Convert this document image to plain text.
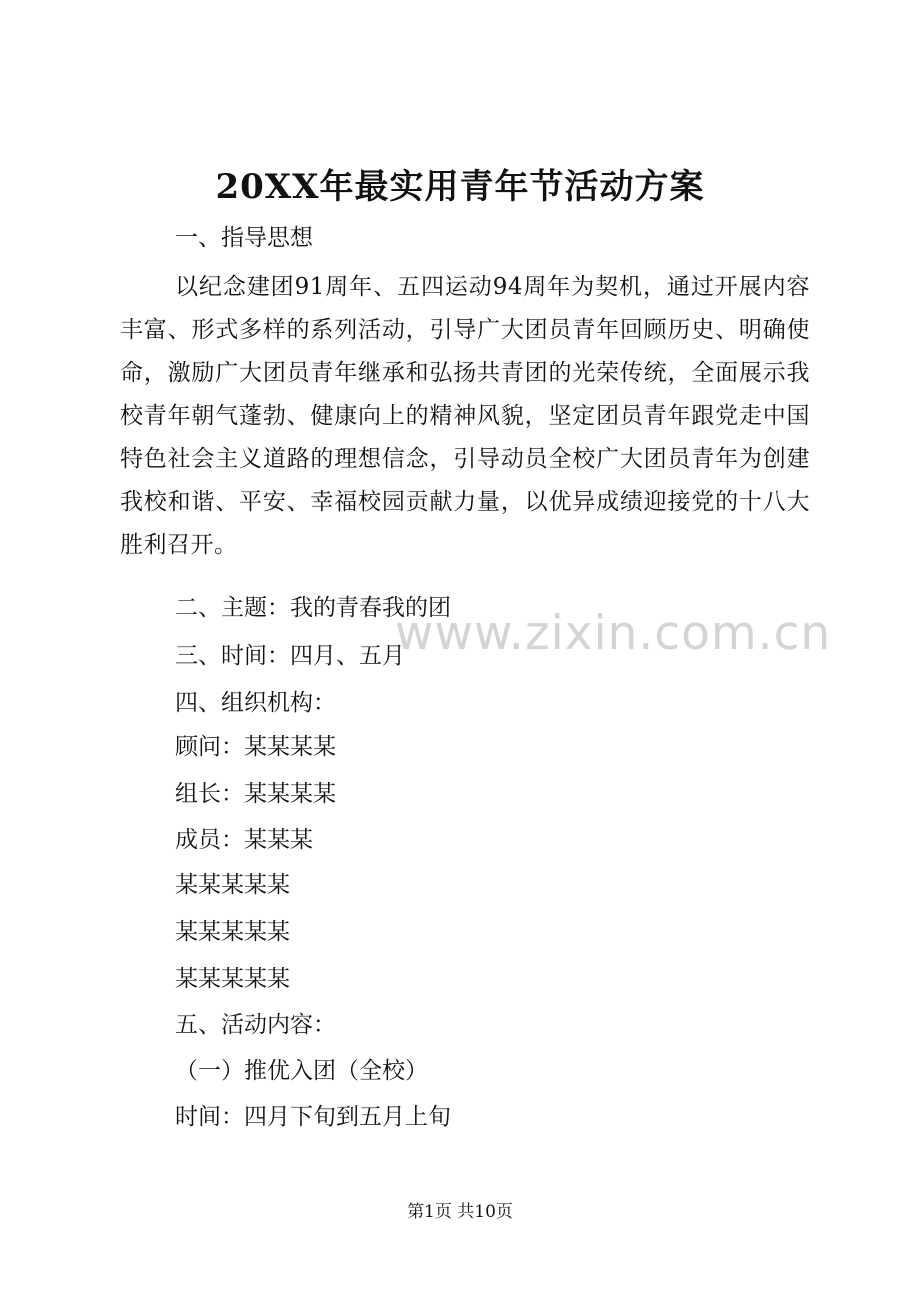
20XX年最实用青年节活动方案
一、指导思想
以纪念建团91周年、五四运动94周年为契机，通过开展内容丰富、形式多样的系列活动，引导广大团员青年回顾历史、明确使命，激励广大团员青年继承和弘扬共青团的光荣传统，全面展示我校青年朝气蓬勃、健康向上的精神风貌，坚定团员青年跟党走中国特色社会主义道路的理想信念，引导动员全校广大团员青年为创建我校和谐、平安、幸福校园贡献力量，以优异成绩迎接党的十八大胜利召开。
二、主题：我的青春我的团
三、时间：四月、五月
四、组织机构：
顾问：某某某某
组长：某某某某
成员：某某某
某某某某某
某某某某某
某某某某某
五、活动内容：
（一）推优入团（全校）
时间：四月下旬到五月上旬
www.zixin.com.cn
第1页 共10页
